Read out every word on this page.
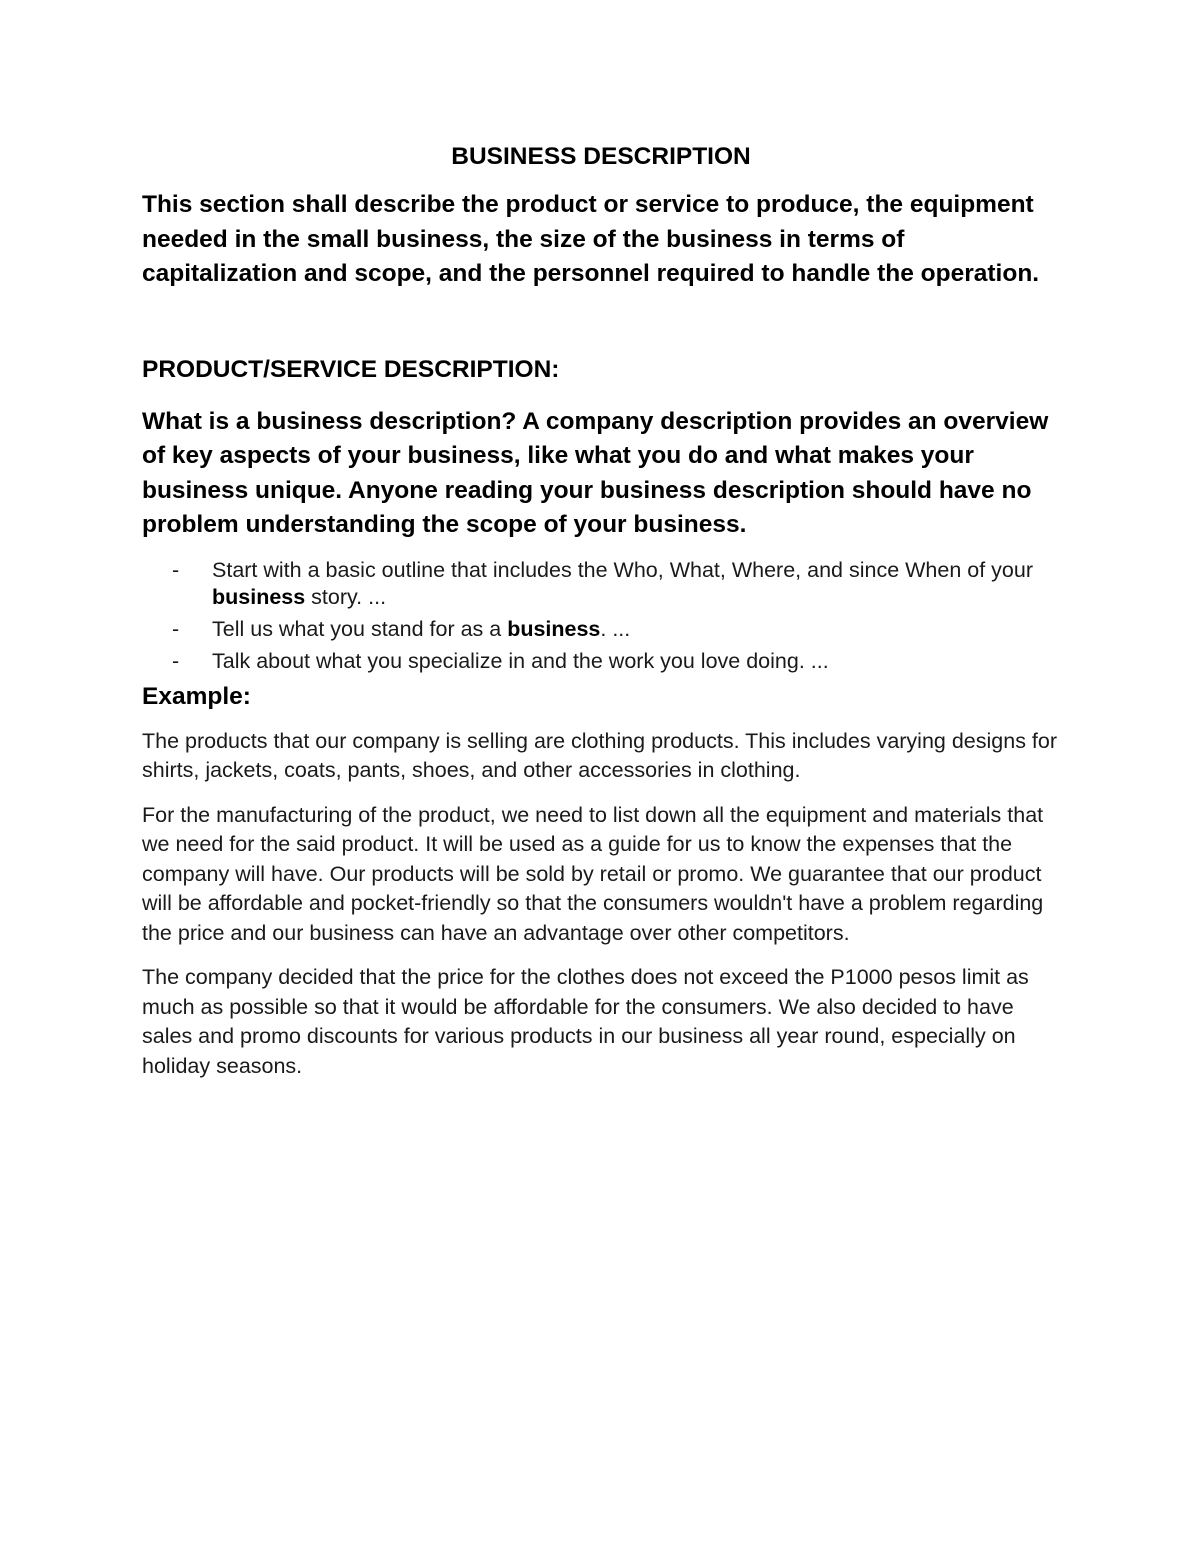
BUSINESS DESCRIPTION

This section shall describe the product or service to produce, the equipment needed in the small business, the size of the business in terms of capitalization and scope, and the personnel required to handle the operation.

PRODUCT/SERVICE DESCRIPTION:

What is a business description? A company description provides an overview of key aspects of your business, like what you do and what makes your business unique. Anyone reading your business description should have no problem understanding the scope of your business.

- Start with a basic outline that includes the Who, What, Where, and since When of your business story. ...
- Tell us what you stand for as a business. ...
- Talk about what you specialize in and the work you love doing. ...
Example:

The products that our company is selling are clothing products. This includes varying designs for shirts, jackets, coats, pants, shoes, and other accessories in clothing.

For the manufacturing of the product, we need to list down all the equipment and materials that we need for the said product. It will be used as a guide for us to know the expenses that the company will have. Our products will be sold by retail or promo. We guarantee that our product will be affordable and pocket-friendly so that the consumers wouldn't have a problem regarding the price and our business can have an advantage over other competitors.

The company decided that the price for the clothes does not exceed the P1000 pesos limit as much as possible so that it would be affordable for the consumers. We also decided to have sales and promo discounts for various products in our business all year round, especially on holiday seasons.
